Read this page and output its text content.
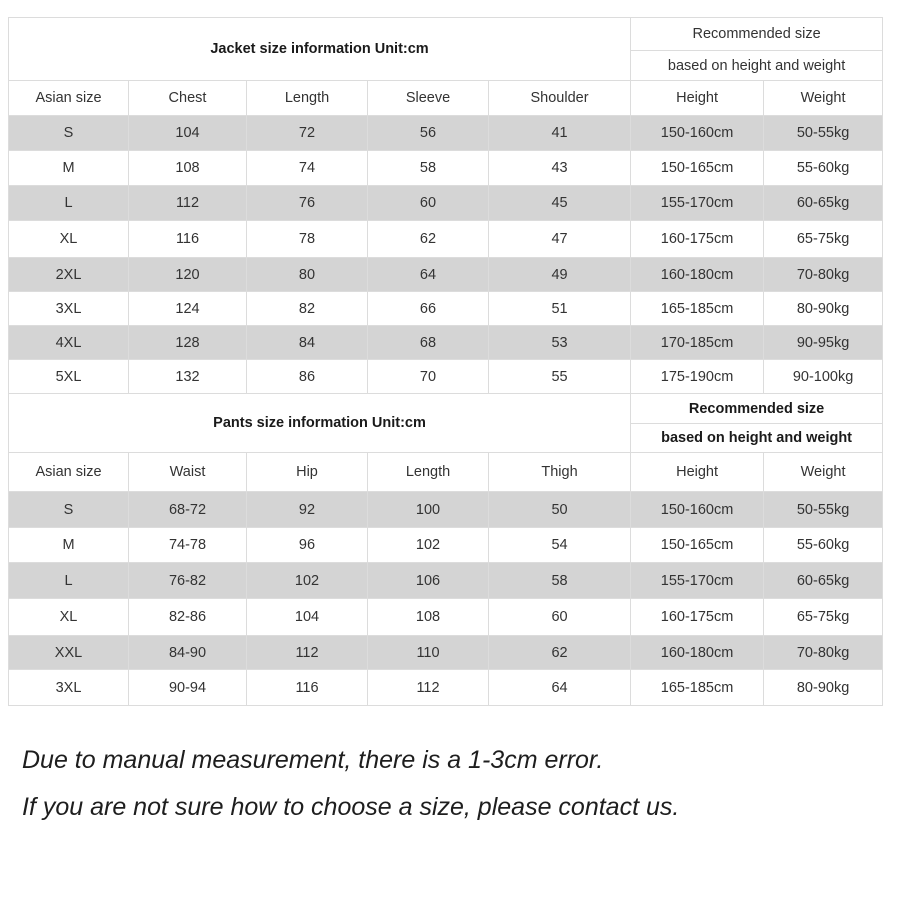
Jacket size information Unit:cm					Recommended size	
					based on height and weight	
Asian size	Chest	Length	Sleeve	Shoulder	Height	Weight
S	104	72	56	41	150-160cm	50-55kg
M	108	74	58	43	150-165cm	55-60kg
L	112	76	60	45	155-170cm	60-65kg
XL	116	78	62	47	160-175cm	65-75kg
2XL	120	80	64	49	160-180cm	70-80kg
3XL	124	82	66	51	165-185cm	80-90kg
4XL	128	84	68	53	170-185cm	90-95kg
5XL	132	86	70	55	175-190cm	90-100kg
Pants size information Unit:cm					Recommended size	
					based on height and weight	
Asian size	Waist	Hip	Length	Thigh	Height	Weight
S	68-72	92	100	50	150-160cm	50-55kg
M	74-78	96	102	54	150-165cm	55-60kg
L	76-82	102	106	58	155-170cm	60-65kg
XL	82-86	104	108	60	160-175cm	65-75kg
XXL	84-90	112	110	62	160-180cm	70-80kg
3XL	90-94	116	112	64	165-185cm	80-90kg

Due to manual measurement, there is a 1-3cm error.

If you are not sure how to choose a size, please contact us.
